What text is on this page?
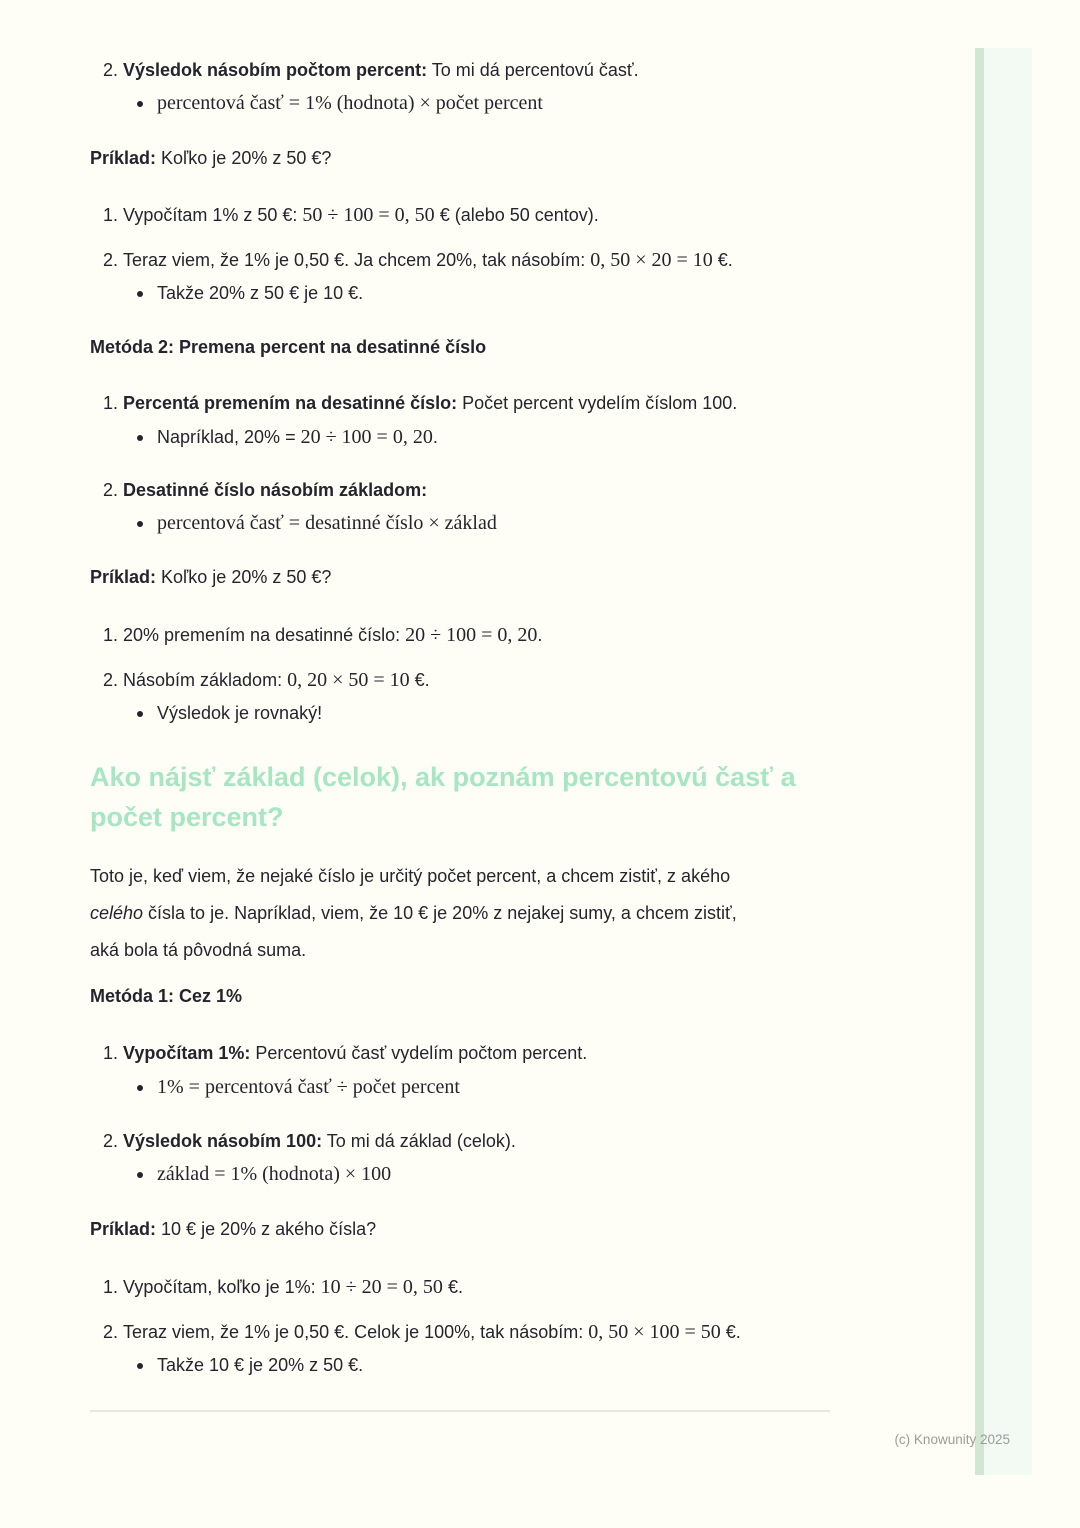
2. Výsledok násobím počtom percent: To mi dá percentovú časť.
percentová časť = 1% (hodnota) × počet percent

Príklad: Koľko je 20% z 50 €?

1. Vypočítam 1% z 50 €: 50 ÷ 100 = 0, 50 € (alebo 50 centov).
2. Teraz viem, že 1% je 0,50 €. Ja chcem 20%, tak násobím: 0, 50 × 20 = 10 €.
Takže 20% z 50 € je 10 €.

Metóda 2: Premena percent na desatinné číslo

1. Percentá premením na desatinné číslo: Počet percent vydelím číslom 100.
Napríklad, 20% = 20 ÷ 100 = 0, 20.
2. Desatinné číslo násobím základom:
percentová časť = desatinné číslo × základ

Príklad: Koľko je 20% z 50 €?

1. 20% premením na desatinné číslo: 20 ÷ 100 = 0, 20.
2. Násobím základom: 0, 20 × 50 = 10 €.
Výsledok je rovnaký!
Ako nájsť základ (celok), ak poznám percentovú časť a
počet percent?
Toto je, keď viem, že nejaké číslo je určitý počet percent, a chcem zistiť, z akého
celého čísla to je. Napríklad, viem, že 10 € je 20% z nejakej sumy, a chcem zistiť,
aká bola tá pôvodná suma.

Metóda 1: Cez 1%

1. Vypočítam 1%: Percentovú časť vydelím počtom percent.
1% = percentová časť ÷ počet percent
2. Výsledok násobím 100: To mi dá základ (celok).
základ = 1% (hodnota) × 100

Príklad: 10 € je 20% z akého čísla?

1. Vypočítam, koľko je 1%: 10 ÷ 20 = 0, 50 €.
2. Teraz viem, že 1% je 0,50 €. Celok je 100%, tak násobím: 0, 50 × 100 = 50 €.
Takže 10 € je 20% z 50 €.
(c) Knowunity 2025
